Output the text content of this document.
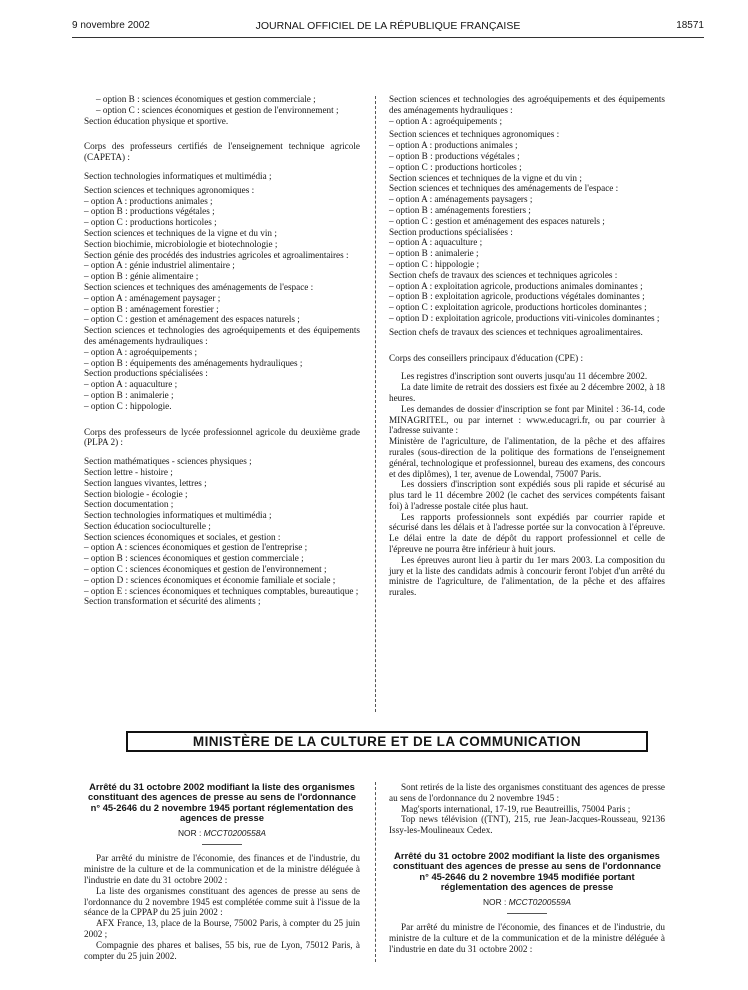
9 novembre 2002	JOURNAL OFFICIEL DE LA RÉPUBLIQUE FRANÇAISE	18571
– option B : sciences économiques et gestion commerciale ;
– option C : sciences économiques et gestion de l'environnement ;
Section éducation physique et sportive.
Corps des professeurs certifiés de l'enseignement technique agricole (CAPETA) :
Section technologies informatiques et multimédia ;
Section sciences et techniques agronomiques :
– option A : productions animales ;
– option B : productions végétales ;
– option C : productions horticoles ;
Section sciences et techniques de la vigne et du vin ;
Section biochimie, microbiologie et biotechnologie ;
Section génie des procédés des industries agricoles et agroalimentaires :
– option A : génie industriel alimentaire ;
– option B : génie alimentaire ;
Section sciences et techniques des aménagements de l'espace :
– option A : aménagement paysager ;
– option B : aménagement forestier ;
– option C : gestion et aménagement des espaces naturels ;
Section sciences et technologies des agroéquipements et des équipements des aménagements hydrauliques :
– option A : agroéquipements ;
– option B : équipements des aménagements hydrauliques ;
Section productions spécialisées :
– option A : aquaculture ;
– option B : animalerie ;
– option C : hippologie.
Corps des professeurs de lycée professionnel agricole du deuxième grade (PLPA 2) :
Section mathématiques - sciences physiques ;
Section lettre - histoire ;
Section langues vivantes, lettres ;
Section biologie - écologie ;
Section documentation ;
Section technologies informatiques et multimédia ;
Section éducation socioculturelle ;
Section sciences économiques et sociales, et gestion :
– option A : sciences économiques et gestion de l'entreprise ;
– option B : sciences économiques et gestion commerciale ;
– option C : sciences économiques et gestion de l'environnement ;
– option D : sciences économiques et économie familiale et sociale ;
– option E : sciences économiques et techniques comptables, bureautique ;
Section transformation et sécurité des aliments ;
Section sciences et technologies des agroéquipements et des équipements des aménagements hydrauliques :
– option A : agroéquipements ;
Section sciences et techniques agronomiques :
– option A : productions animales ;
– option B : productions végétales ;
– option C : productions horticoles ;
Section sciences et techniques de la vigne et du vin ;
Section sciences et techniques des aménagements de l'espace :
– option A : aménagements paysagers ;
– option B : aménagements forestiers ;
– option C : gestion et aménagement des espaces naturels ;
Section productions spécialisées :
– option A : aquaculture ;
– option B : animalerie ;
– option C : hippologie ;
Section chefs de travaux des sciences et techniques agricoles :
– option A : exploitation agricole, productions animales dominantes ;
– option B : exploitation agricole, productions végétales dominantes ;
– option C : exploitation agricole, productions horticoles dominantes ;
– option D : exploitation agricole, productions viti-vinicoles dominantes ;
Section chefs de travaux des sciences et techniques agroalimentaires.
Corps des conseillers principaux d'éducation (CPE) :
Les registres d'inscription sont ouverts jusqu'au 11 décembre 2002.
La date limite de retrait des dossiers est fixée au 2 décembre 2002, à 18 heures.
Les demandes de dossier d'inscription se font par Minitel : 36-14, code MINAGRITEL, ou par internet : www.educagri.fr, ou par courrier à l'adresse suivante :
Ministère de l'agriculture, de l'alimentation, de la pêche et des affaires rurales (sous-direction de la politique des formations de l'enseignement général, technologique et professionnel, bureau des examens, des concours et des diplômes), 1 ter, avenue de Lowendal, 75007 Paris.
Les dossiers d'inscription sont expédiés sous pli rapide et sécurisé au plus tard le 11 décembre 2002 (le cachet des services compétents faisant foi) à l'adresse postale citée plus haut.
Les rapports professionnels sont expédiés par courrier rapide et sécurisé dans les délais et à l'adresse portée sur la convocation à l'épreuve. Le délai entre la date de dépôt du rapport professionnel et celle de l'épreuve ne pourra être inférieur à huit jours.
Les épreuves auront lieu à partir du 1er mars 2003. La composition du jury et la liste des candidats admis à concourir feront l'objet d'un arrêté du ministre de l'agriculture, de l'alimentation, de la pêche et des affaires rurales.
MINISTÈRE DE LA CULTURE ET DE LA COMMUNICATION
Arrêté du 31 octobre 2002 modifiant la liste des organismes constituant des agences de presse au sens de l'ordonnance n° 45-2646 du 2 novembre 1945 portant réglementation des agences de presse
NOR : MCCT0200558A
Par arrêté du ministre de l'économie, des finances et de l'industrie, du ministre de la culture et de la communication et de la ministre déléguée à l'industrie en date du 31 octobre 2002 :
La liste des organismes constituant des agences de presse au sens de l'ordonnance du 2 novembre 1945 est complétée comme suit à l'issue de la séance de la CPPAP du 25 juin 2002 :
AFX France, 13, place de la Bourse, 75002 Paris, à compter du 25 juin 2002 ;
Compagnie des phares et balises, 55 bis, rue de Lyon, 75012 Paris, à compter du 25 juin 2002.
Sont retirés de la liste des organismes constituant des agences de presse au sens de l'ordonnance du 2 novembre 1945 :
Mag'sports international, 17-19, rue Beautreillis, 75004 Paris ;
Top news télévision ((TNT), 215, rue Jean-Jacques-Rousseau, 92136 Issy-les-Moulineaux Cedex.
Arrêté du 31 octobre 2002 modifiant la liste des organismes constituant des agences de presse au sens de l'ordonnance n° 45-2646 du 2 novembre 1945 modifiée portant réglementation des agences de presse
NOR : MCCT0200559A
Par arrêté du ministre de l'économie, des finances et de l'industrie, du ministre de la culture et de la communication et de la ministre déléguée à l'industrie en date du 31 octobre 2002 :
